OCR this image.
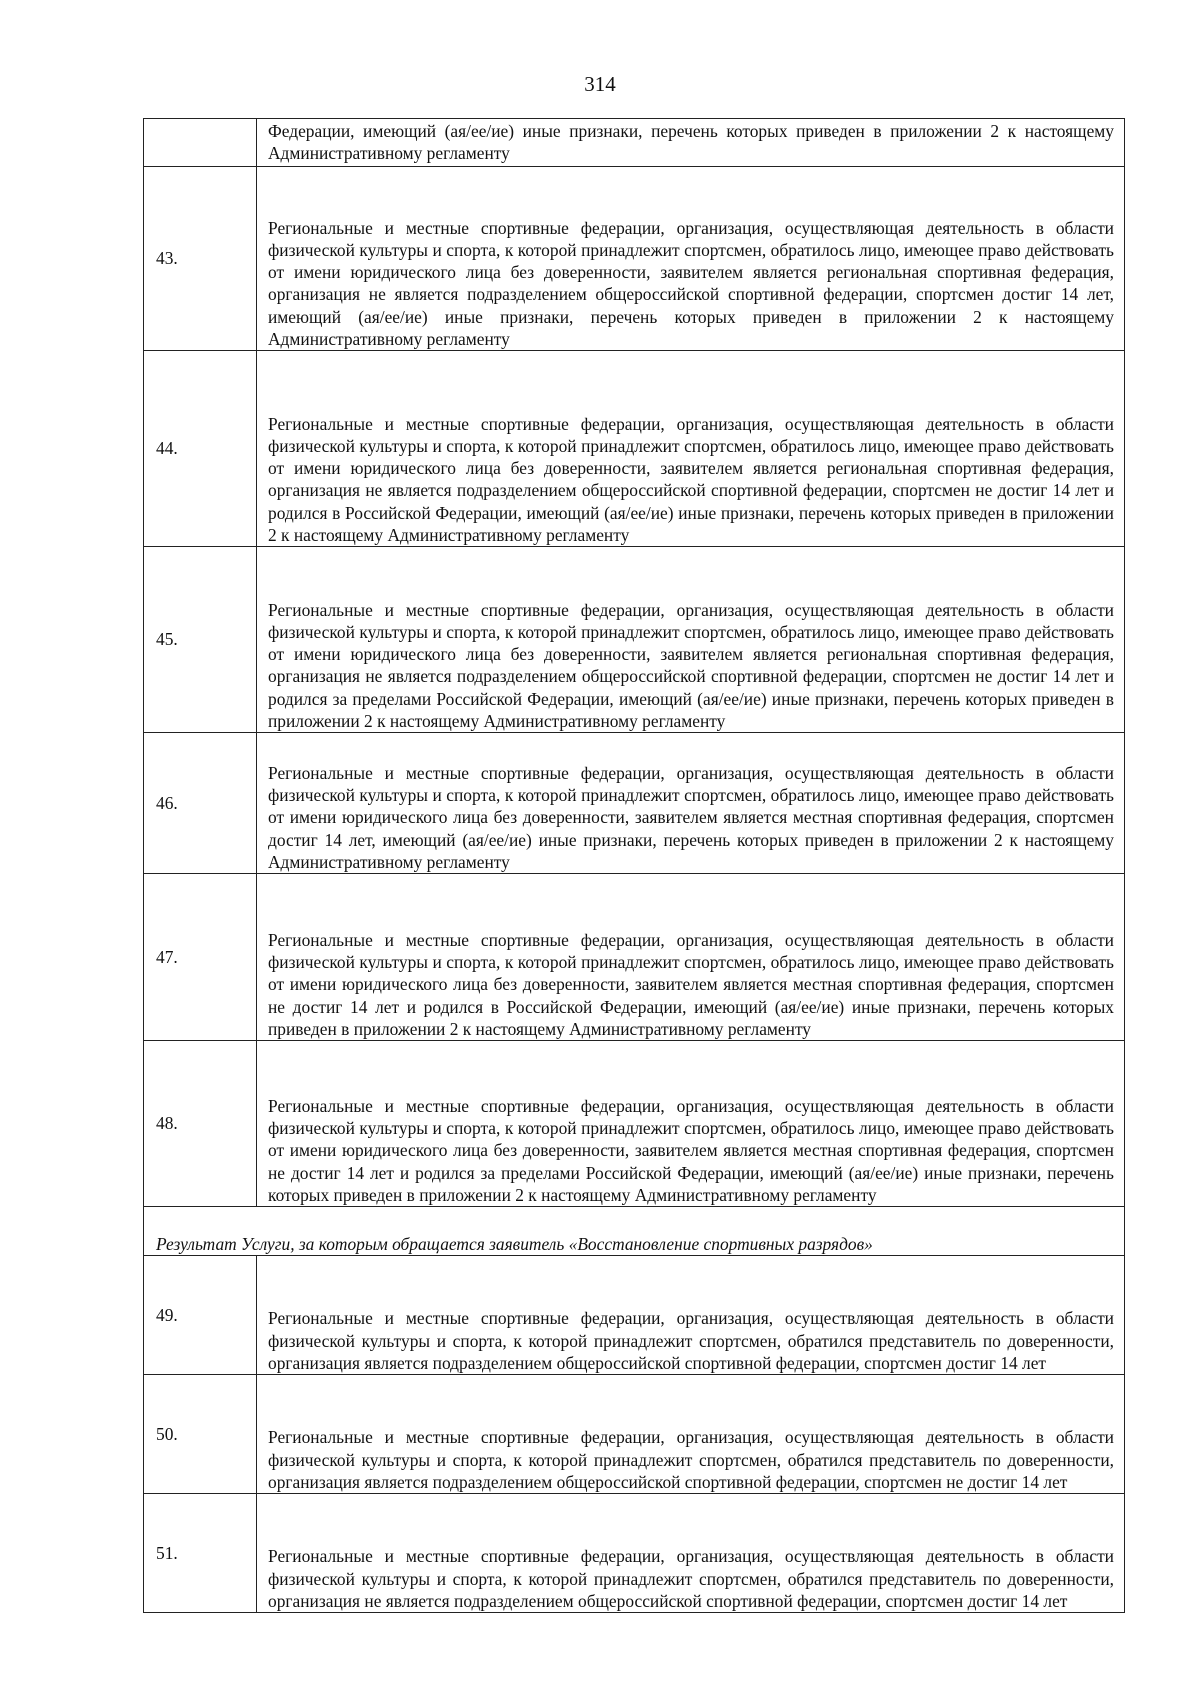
314
	Федерации, имеющий (ая/ее/ие) иные признаки, перечень которых приведен в приложении 2 к настоящему Административному регламенту
43.	Региональные и местные спортивные федерации, организация, осуществляющая деятельность в области физической культуры и спорта, к которой принадлежит спортсмен, обратилось лицо, имеющее право действовать от имени юридического лица без доверенности, заявителем является региональная спортивная федерация, организация не является подразделением общероссийской спортивной федерации, спортсмен достиг 14 лет, имеющий (ая/ее/ие) иные признаки, перечень которых приведен в приложении 2 к настоящему Административному регламенту
44.	Региональные и местные спортивные федерации, организация, осуществляющая деятельность в области физической культуры и спорта, к которой принадлежит спортсмен, обратилось лицо, имеющее право действовать от имени юридического лица без доверенности, заявителем является региональная спортивная федерация, организация не является подразделением общероссийской спортивной федерации, спортсмен не достиг 14 лет и родился в Российской Федерации, имеющий (ая/ее/ие) иные признаки, перечень которых приведен в приложении 2 к настоящему Административному регламенту
45.	Региональные и местные спортивные федерации, организация, осуществляющая деятельность в области физической культуры и спорта, к которой принадлежит спортсмен, обратилось лицо, имеющее право действовать от имени юридического лица без доверенности, заявителем является региональная спортивная федерация, организация не является подразделением общероссийской спортивной федерации, спортсмен не достиг 14 лет и родился за пределами Российской Федерации, имеющий (ая/ее/ие) иные признаки, перечень которых приведен в приложении 2 к настоящему Административному регламенту
46.	Региональные и местные спортивные федерации, организация, осуществляющая деятельность в области физической культуры и спорта, к которой принадлежит спортсмен, обратилось лицо, имеющее право действовать от имени юридического лица без доверенности, заявителем является местная спортивная федерация, спортсмен достиг 14 лет, имеющий (ая/ее/ие) иные признаки, перечень которых приведен в приложении 2 к настоящему Административному регламенту
47.	Региональные и местные спортивные федерации, организация, осуществляющая деятельность в области физической культуры и спорта, к которой принадлежит спортсмен, обратилось лицо, имеющее право действовать от имени юридического лица без доверенности, заявителем является местная спортивная федерация, спортсмен не достиг 14 лет и родился в Российской Федерации, имеющий (ая/ее/ие) иные признаки, перечень которых приведен в приложении 2 к настоящему Административному регламенту
48.	Региональные и местные спортивные федерации, организация, осуществляющая деятельность в области физической культуры и спорта, к которой принадлежит спортсмен, обратилось лицо, имеющее право действовать от имени юридического лица без доверенности, заявителем является местная спортивная федерация, спортсмен не достиг 14 лет и родился за пределами Российской Федерации, имеющий (ая/ее/ие) иные признаки, перечень которых приведен в приложении 2 к настоящему Административному регламенту
Результат Услуги, за которым обращается заявитель «Восстановление спортивных разрядов»	
49.	Региональные и местные спортивные федерации, организация, осуществляющая деятельность в области физической культуры и спорта, к которой принадлежит спортсмен, обратился представитель по доверенности, организация является подразделением общероссийской спортивной федерации, спортсмен достиг 14 лет
50.	Региональные и местные спортивные федерации, организация, осуществляющая деятельность в области физической культуры и спорта, к которой принадлежит спортсмен, обратился представитель по доверенности, организация является подразделением общероссийской спортивной федерации, спортсмен не достиг 14 лет
51.	Региональные и местные спортивные федерации, организация, осуществляющая деятельность в области физической культуры и спорта, к которой принадлежит спортсмен, обратился представитель по доверенности, организация не является подразделением общероссийской спортивной федерации, спортсмен достиг 14 лет
